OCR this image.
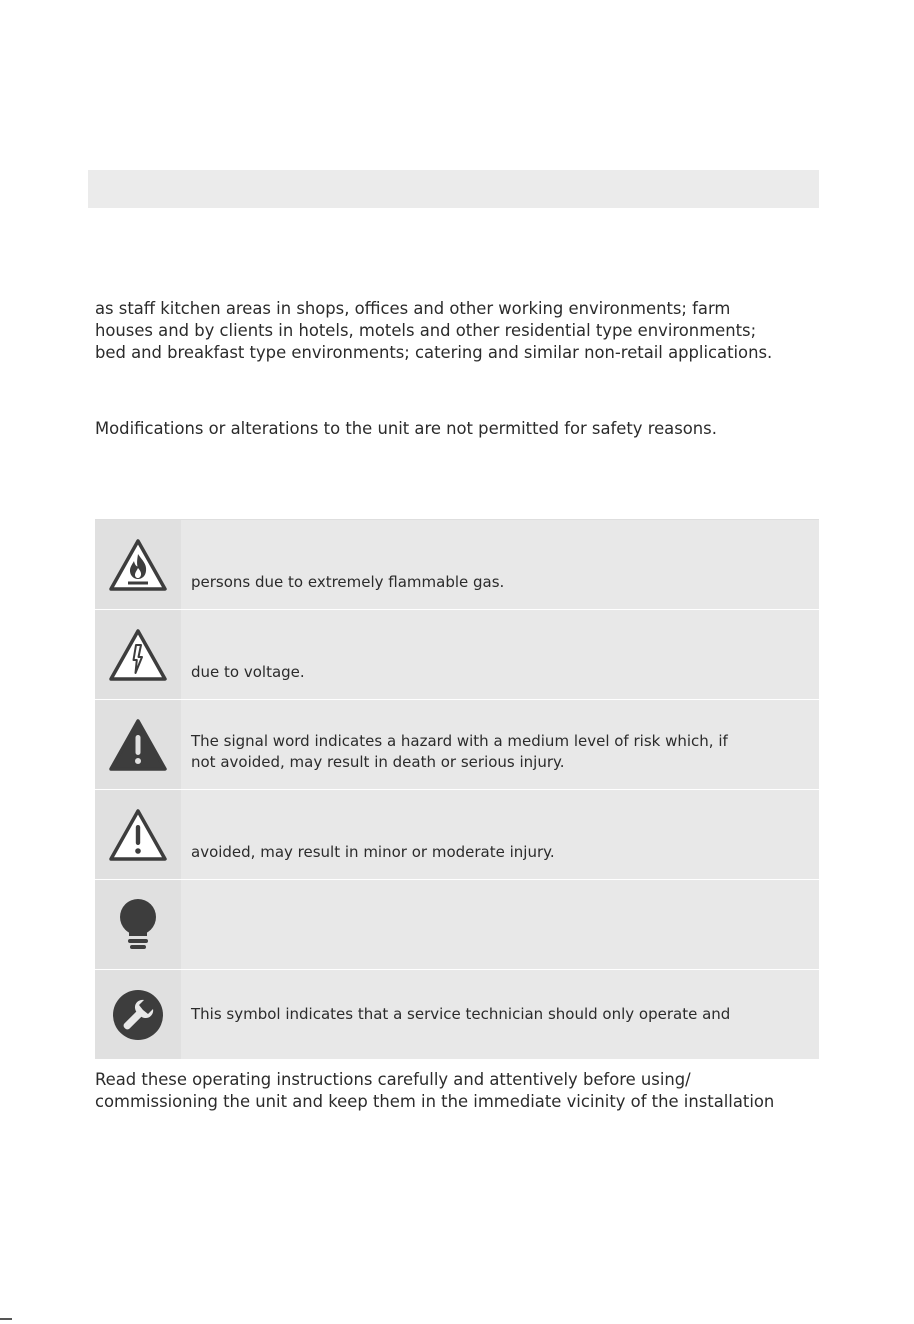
as staff kitchen areas in shops, offices and other working environments; farm
houses and by clients in hotels, motels and other residential type environments;
bed and breakfast type environments; catering and similar non-retail applications.

Modifications or alterations to the unit are not permitted for safety reasons.

persons due to extremely flammable gas.
due to voltage.
The signal word indicates a hazard with a medium level of risk which, if
not avoided, may result in death or serious injury.
avoided, may result in minor or moderate injury.
This symbol indicates that a service technician should only operate and

Read these operating instructions carefully and attentively before using/
commissioning the unit and keep them in the immediate vicinity of the installation
